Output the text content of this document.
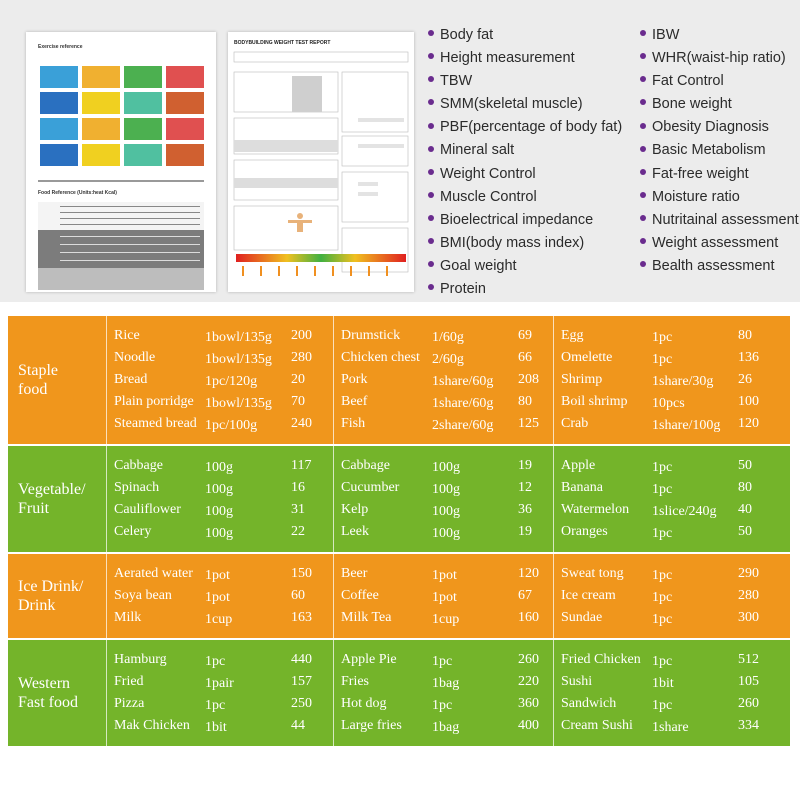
Exercise reference
Food Reference (Units:heat Kcal)
BODYBUILDING WEIGHT TEST REPORT	Body fat
Height measurement
TBW
SMM(skeletal muscle)
PBF(percentage of body fat)
Mineral salt
Weight Control
Muscle Control
Bioelectrical impedance
BMI(body mass index)
Goal weight
Protein
IBW
WHR(waist-hip ratio)
Fat Control
Bone weight
Obesity Diagnosis
Basic Metabolism
Fat-free weight
Moisture ratio
Nutritainal assessment
Weight assessment
Bealth assessment
Staple
food
Rice	1bowl/135g 200
Noodle	1bowl/135g 280
Bread	1pc/120g 20
Plain porridge 1bowl/135g 70
Steamed bread 1pc/100g 240
Drumstick 1/60g	69
Chicken chest 2/60g	66
Pork	1share/60g 208
Beef	1share/60g 80
Fish	2share/60g 125
Egg	1pc	80
Omelette	1pc	136
Shrimp	1share/30g 26
Boil shrimp 10pcs	100
Crab	1share/100g 120
Vegetable/
Fruit
Cabbage	100g	117
Spinach	100g	16
Cauliflower 100g	31
Celery	100g	22
Cabbage	100g	19
Cucumber 100g	12
Kelp	100g	36
Leek	100g	19
Apple	1pc	50
Banana	1pc	80
Watermelon 1slice/240g 40
Oranges	1pc	50
Ice Drink/
Drink
Aerated water 1pot	150
Soya bean 1pot	60
Milk	1cup	163
Beer	1pot	120
Coffee	1pot	67
Milk Tea	1cup	160
Sweat tong 1pc	290
Ice cream	1pc	280
Sundae	1pc	300
Western
Fast food
Hamburg	1pc	440
Fried	1pair	157
Pizza	1pc	250
Mak Chicken 1bit	44
Apple Pie	1pc	260
Fries	1bag	220
Hot dog	1pc	360
Large fries 1bag	400
Fried Chicken 1pc	512
Sushi	1bit	105
Sandwich	1pc	260
Cream Sushi 1share	334
